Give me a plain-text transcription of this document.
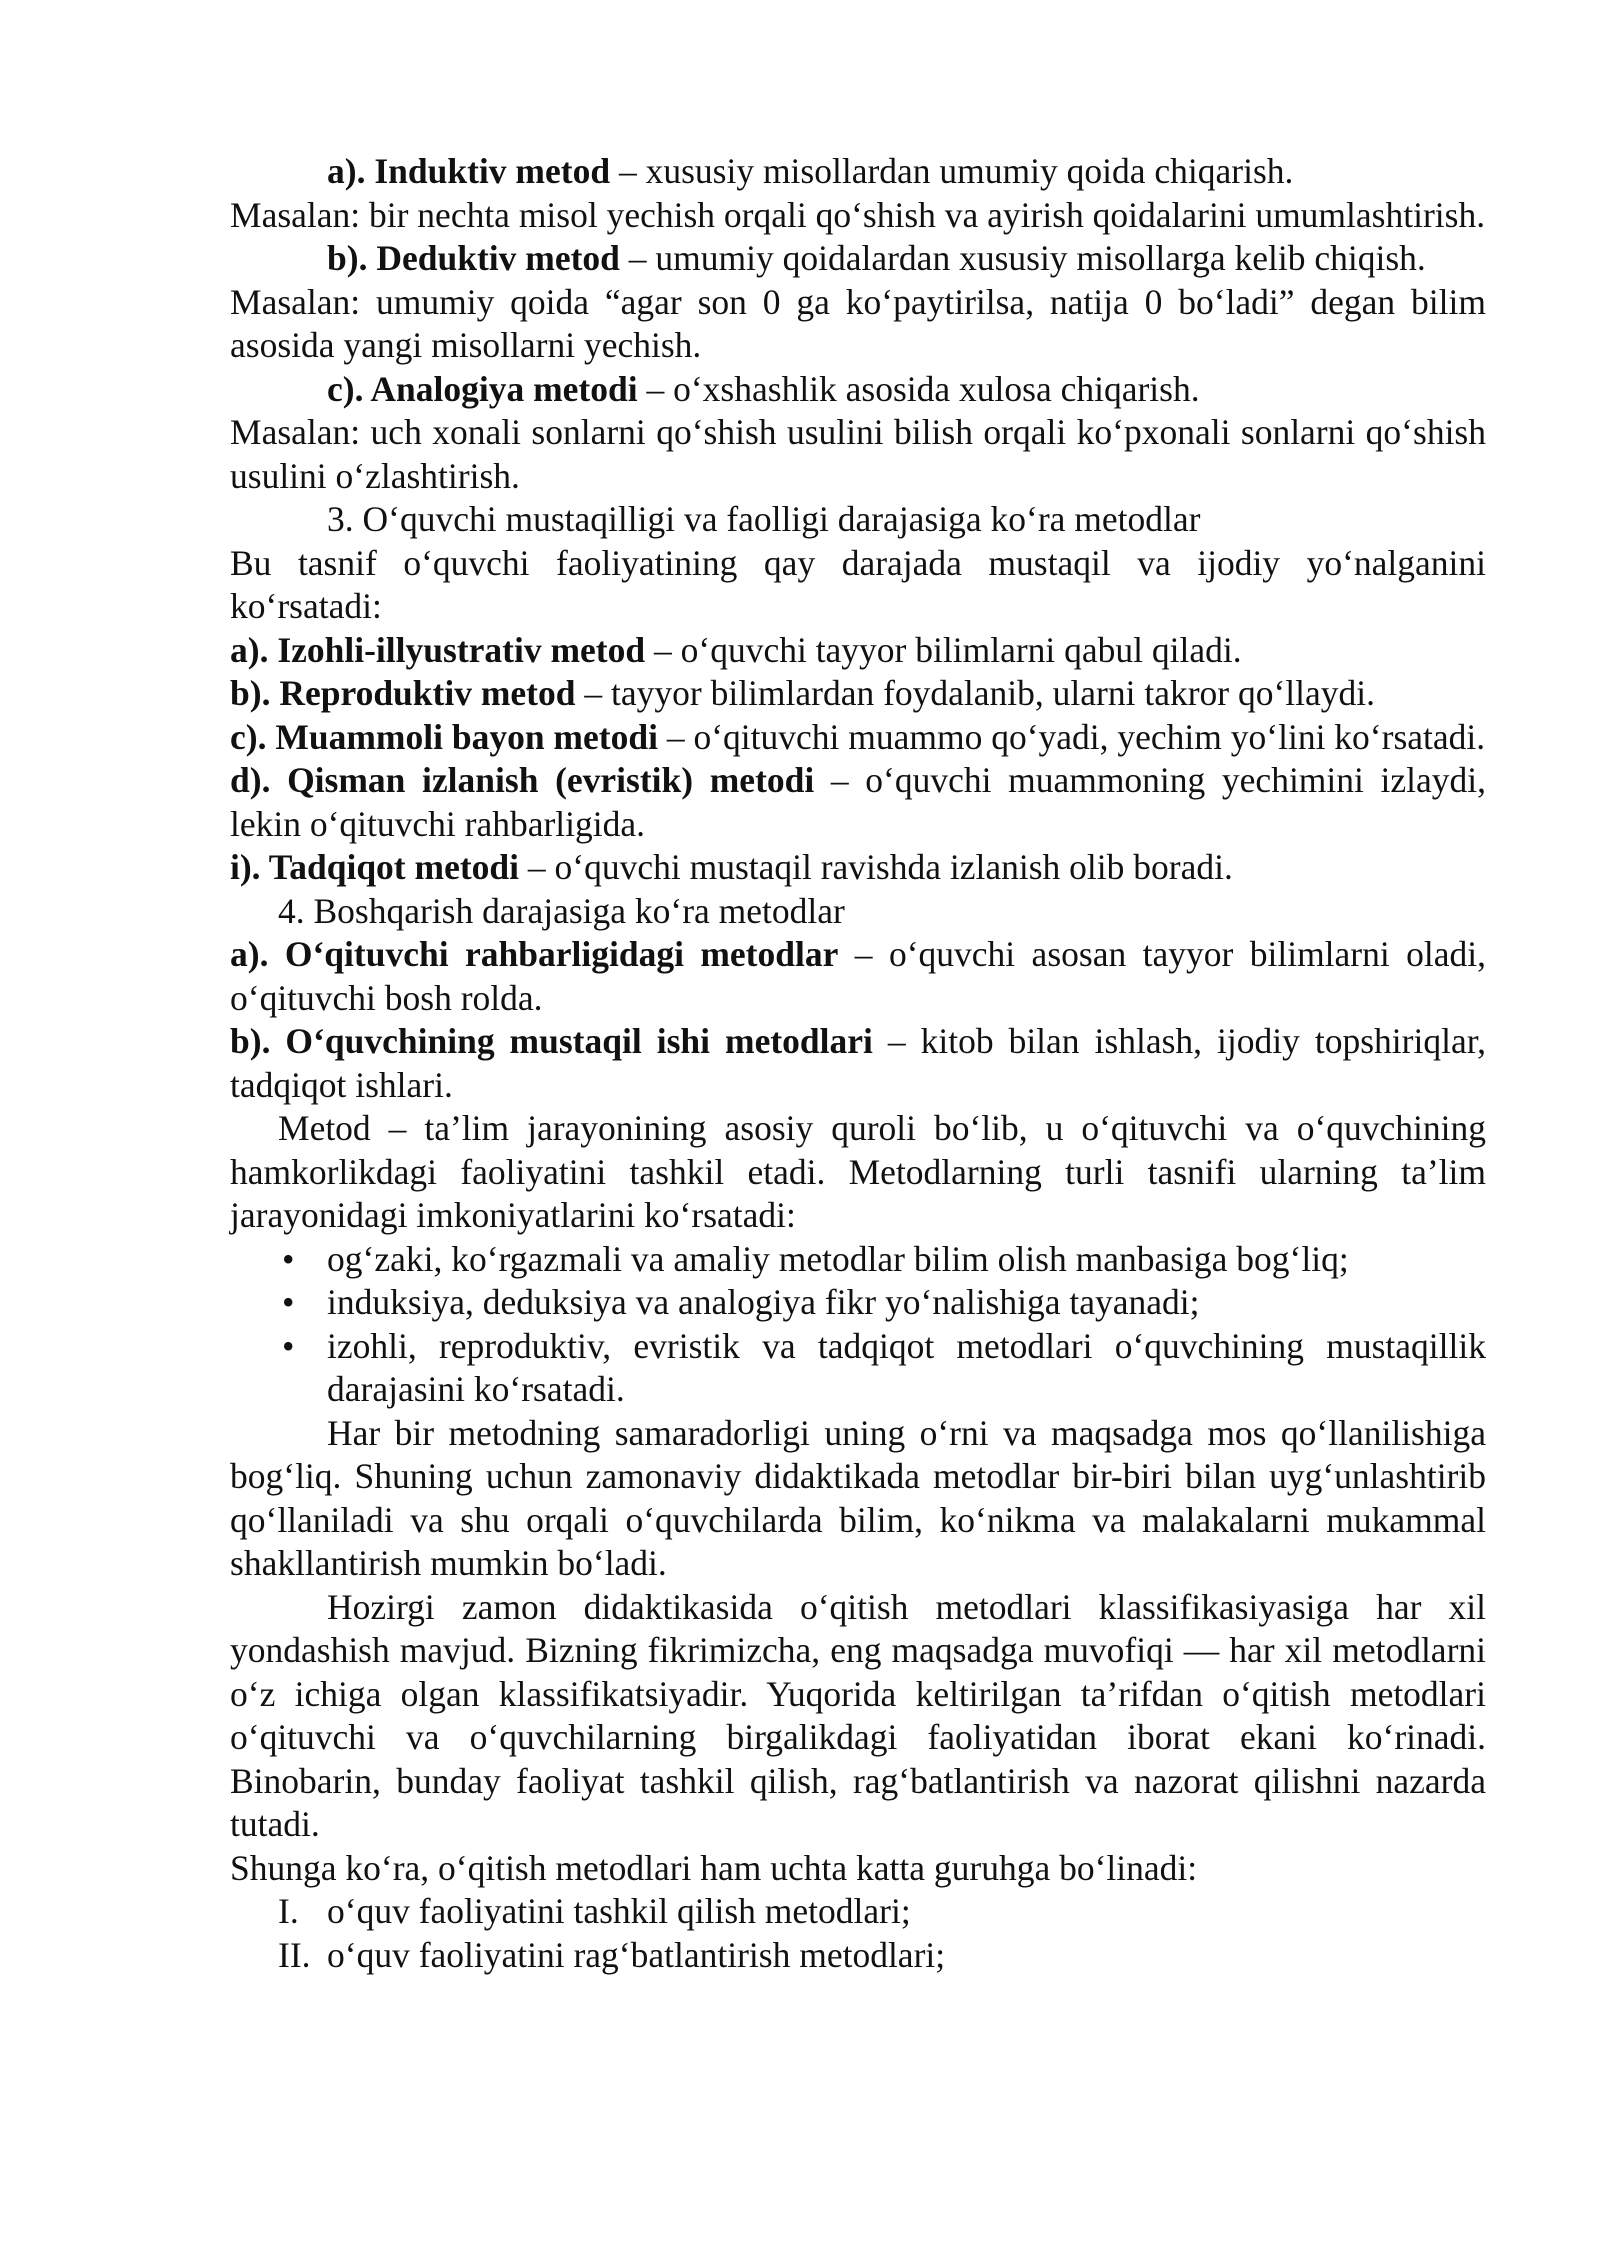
a). Induktiv metod – xususiy misollardan umumiy qoida chiqarish.

Masalan: bir nechta misol yechish orqali qo‘shish va ayirish qoidalarini umumlashtirish.

b). Deduktiv metod – umumiy qoidalardan xususiy misollarga kelib chiqish.

Masalan: umumiy qoida “agar son 0 ga ko‘paytirilsa, natija 0 bo‘ladi” degan bilim asosida yangi misollarni yechish.

c). Analogiya metodi – o‘xshashlik asosida xulosa chiqarish.

Masalan: uch xonali sonlarni qo‘shish usulini bilish orqali ko‘pxonali sonlarni qo‘shish usulini o‘zlashtirish.

3. O‘quvchi mustaqilligi va faolligi darajasiga ko‘ra metodlar

Bu tasnif o‘quvchi faoliyatining qay darajada mustaqil va ijodiy yo‘nalganini ko‘rsatadi:

a). Izohli-illyustrativ metod – o‘quvchi tayyor bilimlarni qabul qiladi.

b). Reproduktiv metod – tayyor bilimlardan foydalanib, ularni takror qo‘llaydi.

c). Muammoli bayon metodi – o‘qituvchi muammo qo‘yadi, yechim yo‘lini ko‘rsatadi.

d). Qisman izlanish (evristik) metodi – o‘quvchi muammoning yechimini izlaydi, lekin o‘qituvchi rahbarligida.

i). Tadqiqot metodi – o‘quvchi mustaqil ravishda izlanish olib boradi.

4. Boshqarish darajasiga ko‘ra metodlar

a). O‘qituvchi rahbarligidagi metodlar – o‘quvchi asosan tayyor bilimlarni oladi, o‘qituvchi bosh rolda.

b). O‘quvchining mustaqil ishi metodlari – kitob bilan ishlash, ijodiy topshiriqlar, tadqiqot ishlari.

Metod – ta’lim jarayonining asosiy quroli bo‘lib, u o‘qituvchi va o‘quvchining hamkorlikdagi faoliyatini tashkil etadi. Metodlarning turli tasnifi ularning ta’lim jarayonidagi imkoniyatlarini ko‘rsatadi:

• og‘zaki, ko‘rgazmali va amaliy metodlar bilim olish manbasiga bog‘liq;
• induksiya, deduksiya va analogiya fikr yo‘nalishiga tayanadi;
• izohli, reproduktiv, evristik va tadqiqot metodlari o‘quvchining mustaqillik darajasini ko‘rsatadi.

Har bir metodning samaradorligi uning o‘rni va maqsadga mos qo‘llanilishiga bog‘liq. Shuning uchun zamonaviy didaktikada metodlar bir-biri bilan uyg‘unlashtirib qo‘llaniladi va shu orqali o‘quvchilarda bilim, ko‘nikma va malakalarni mukammal shakllantirish mumkin bo‘ladi.

Hozirgi zamon didaktikasida o‘qitish metodlari klassifikasiyasiga har xil yondashish mavjud. Bizning fikrimizcha, eng maqsadga muvofiqi — har xil metodlarni o‘z ichiga olgan klassifikatsiyadir. Yuqorida keltirilgan ta’rifdan o‘qitish metodlari o‘qituvchi va o‘quvchilarning birgalikdagi faoliyatidan iborat ekani ko‘rinadi. Binobarin, bunday faoliyat tashkil qilish, rag‘batlantirish va nazorat qilishni nazarda tutadi.

Shunga ko‘ra, o‘qitish metodlari ham uchta katta guruhga bo‘linadi:

I. o‘quv faoliyatini tashkil qilish metodlari;
II. o‘quv faoliyatini rag‘batlantirish metodlari;
